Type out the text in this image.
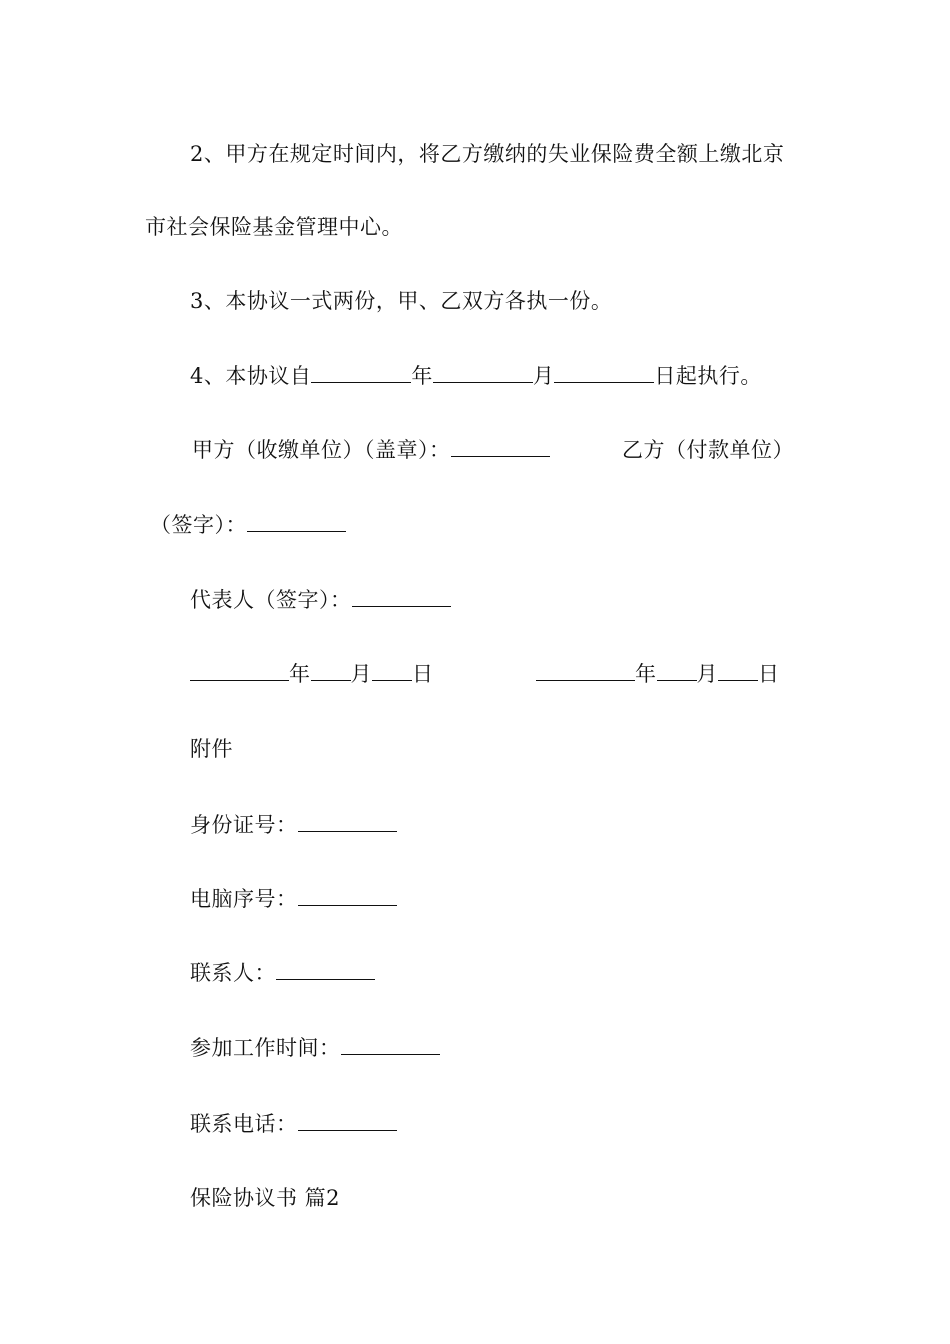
2、甲方在规定时间内，将乙方缴纳的失业保险费全额上缴北京
市社会保险基金管理中心。
3、本协议一式两份，甲、乙双方各执一份。
4、本协议自	年	月	日起执行。
甲方（收缴单位）（盖章）：	乙方（付款单位）
（签字）：
代表人（签字）：
年 月 日	年 月 日
附件
身份证号：
电脑序号：
联系人：
参加工作时间：
联系电话：
保险协议书 篇2
